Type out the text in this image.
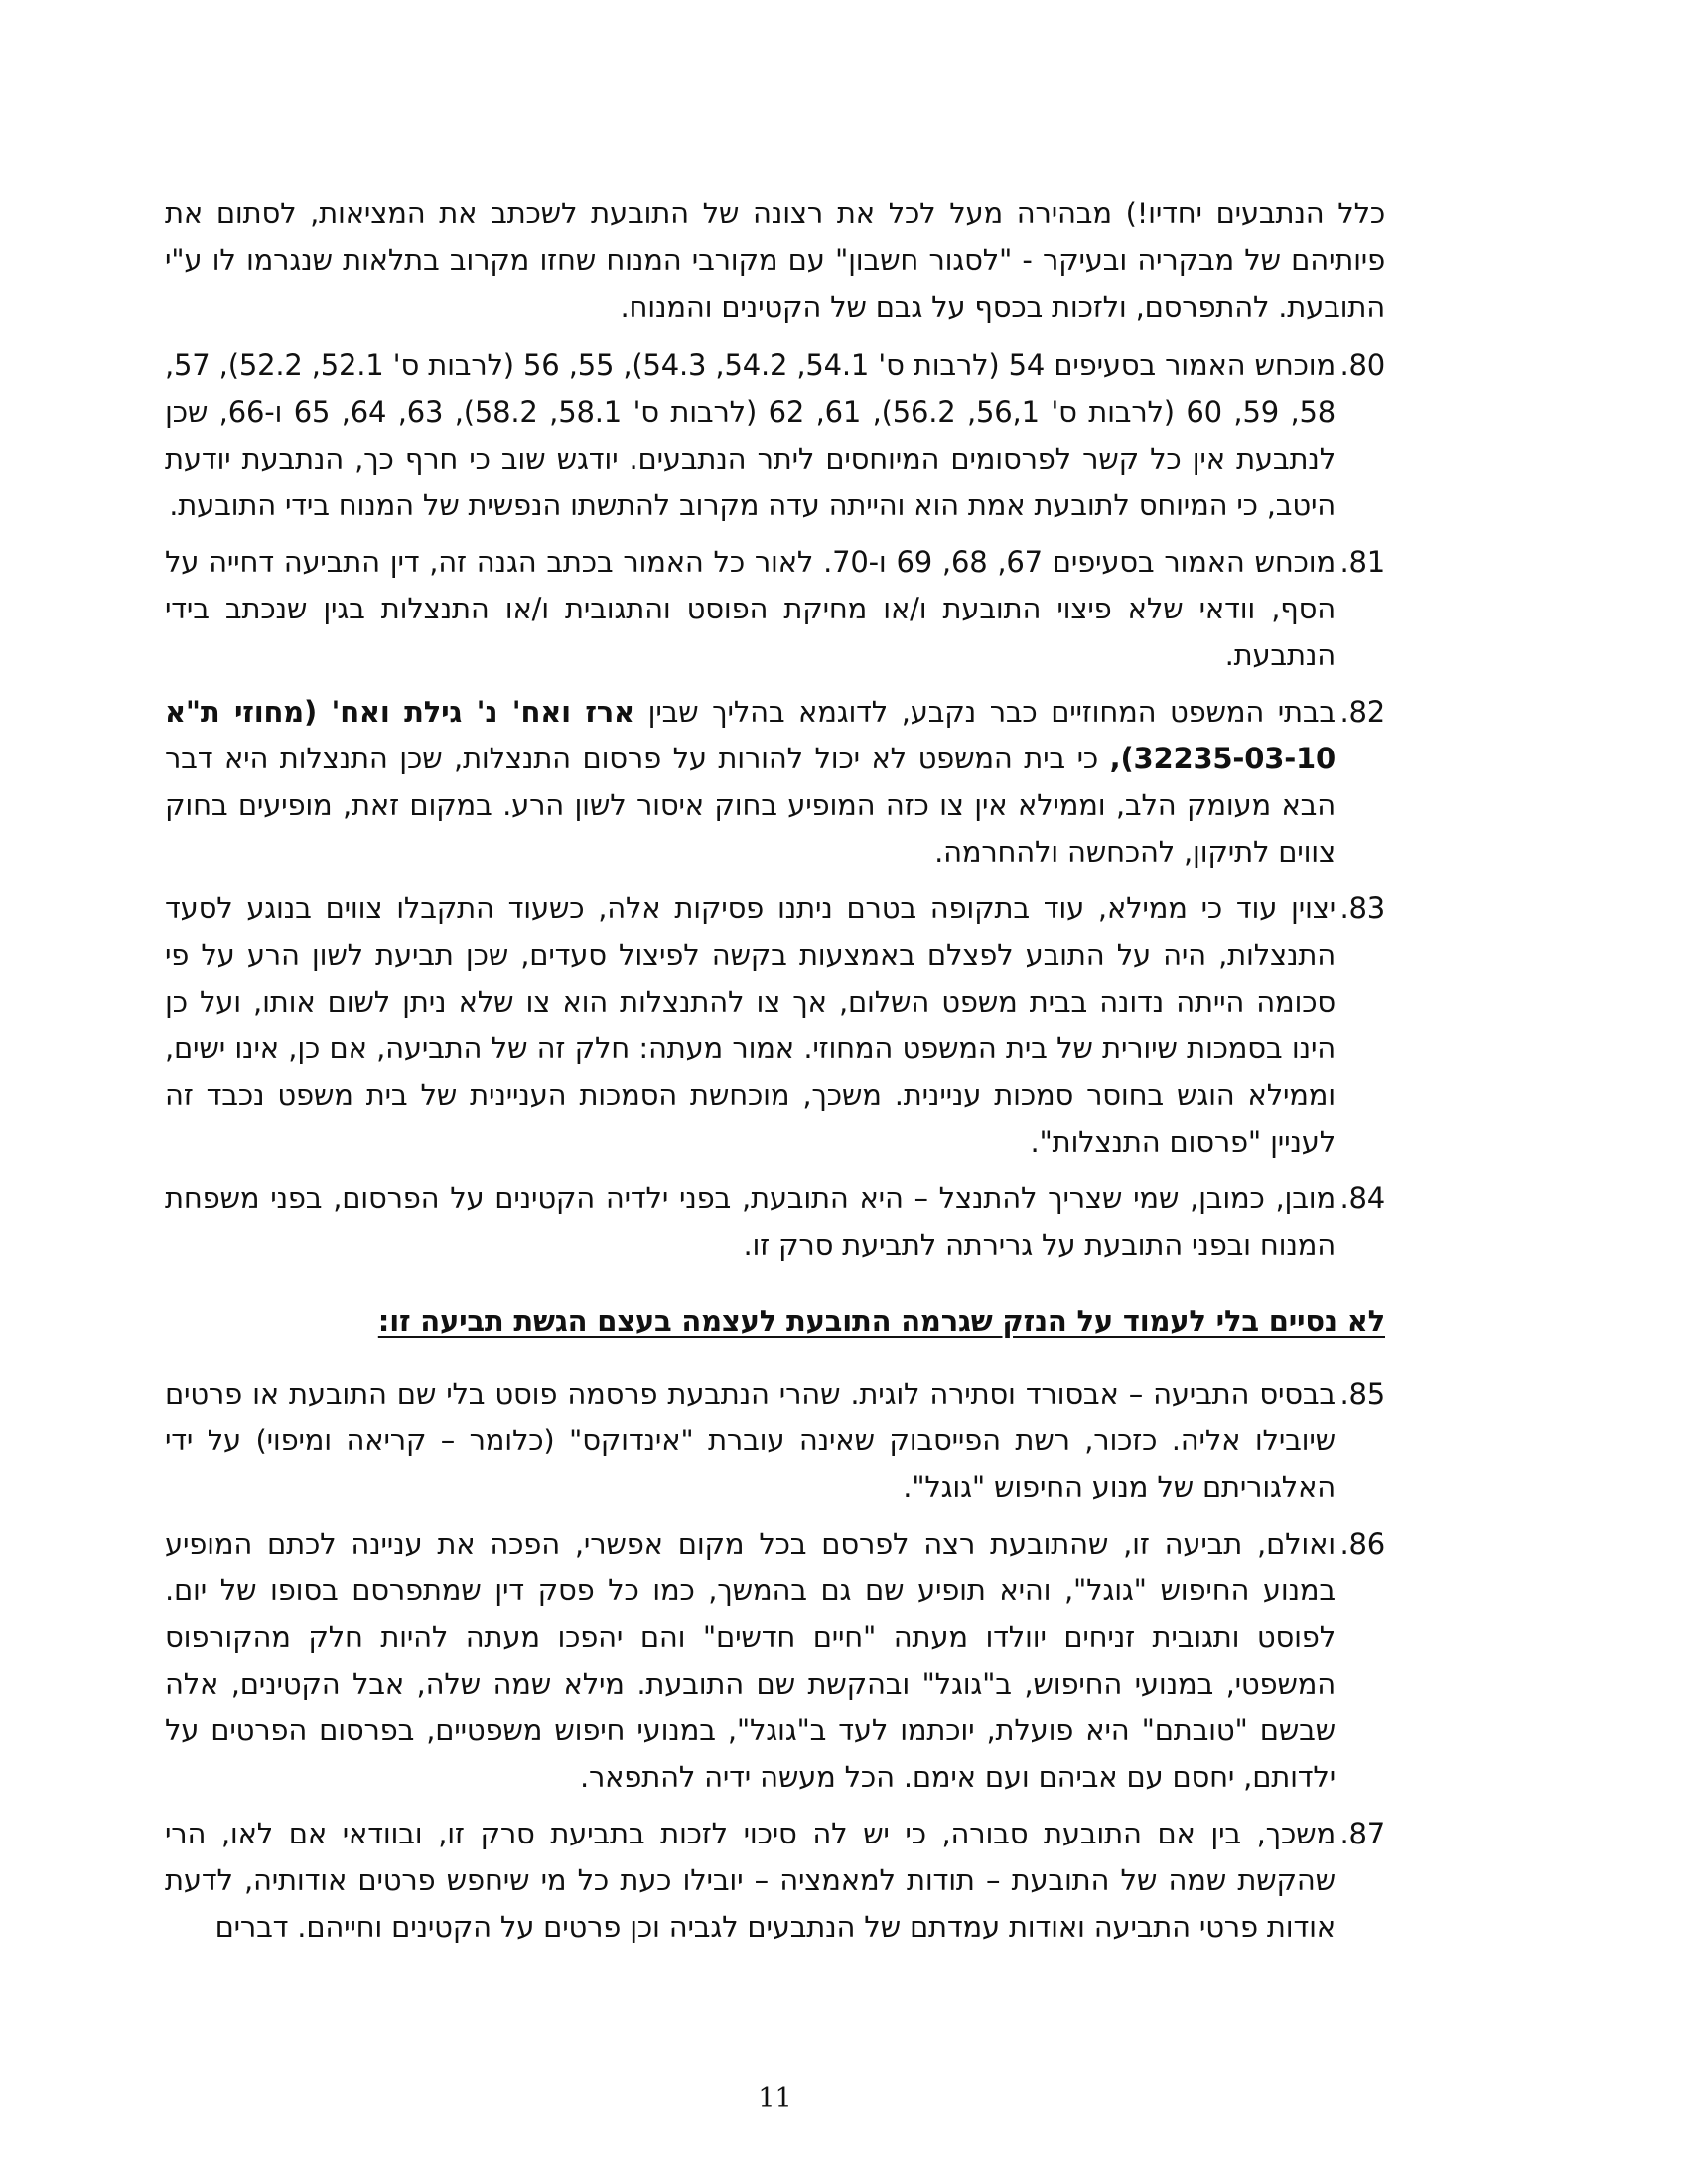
כלל הנתבעים יחדיו!) מבהירה מעל לכל את רצונה של התובעת לשכתב את המציאות, לסתום את פיותיהם של מבקריה ובעיקר - "לסגור חשבון" עם מקורבי המנוח שחזו מקרוב בתלאות שנגרמו לו ע"י התובעת. להתפרסם, ולזכות בכסף על גבם של הקטינים והמנוח.
80.
מוכחש האמור בסעיפים 54 (לרבות ס' 54.1, 54.2, 54.3), 55, 56 (לרבות ס' 52.1, 52.2), 57, 58, 59, 60 (לרבות ס' 56,1, 56.2), 61, 62 (לרבות ס' 58.1, 58.2), 63, 64, 65 ו-66, שכן לנתבעת אין כל קשר לפרסומים המיוחסים ליתר הנתבעים. יודגש שוב כי חרף כך, הנתבעת יודעת היטב, כי המיוחס לתובעת אמת הוא והייתה עדה מקרוב להתשתו הנפשית של המנוח בידי התובעת.
81.
מוכחש האמור בסעיפים 67, 68, 69 ו-70. לאור כל האמור בכתב הגנה זה, דין התביעה דחייה על הסף, וודאי שלא פיצוי התובעת ו/או מחיקת הפוסט והתגובית ו/או התנצלות בגין שנכתב בידי הנתבעת.
82.
בבתי המשפט המחוזיים כבר נקבע, לדוגמא בהליך שבין ארז ואח' נ' גילת ואח' (מחוזי ת"א 32235-03-10), כי בית המשפט לא יכול להורות על פרסום התנצלות, שכן התנצלות היא דבר הבא מעומק הלב, וממילא אין צו כזה המופיע בחוק איסור לשון הרע. במקום זאת, מופיעים בחוק צווים לתיקון, להכחשה ולהחרמה.
83.
יצוין עוד כי ממילא, עוד בתקופה בטרם ניתנו פסיקות אלה, כשעוד התקבלו צווים בנוגע לסעד התנצלות, היה על התובע לפצלם באמצעות בקשה לפיצול סעדים, שכן תביעת לשון הרע על פי סכומה הייתה נדונה בבית משפט השלום, אך צו להתנצלות הוא צו שלא ניתן לשום אותו, ועל כן הינו בסמכות שיורית של בית המשפט המחוזי. אמור מעתה: חלק זה של התביעה, אם כן, אינו ישים, וממילא הוגש בחוסר סמכות עניינית. משכך, מוכחשת הסמכות העניינית של בית משפט נכבד זה לעניין "פרסום התנצלות".
84.
מובן, כמובן, שמי שצריך להתנצל – היא התובעת, בפני ילדיה הקטינים על הפרסום, בפני משפחת המנוח ובפני התובעת על גרירתה לתביעת סרק זו.
לא נסיים בלי לעמוד על הנזק שגרמה התובעת לעצמה בעצם הגשת תביעה זו:
85.
בבסיס התביעה – אבסורד וסתירה לוגית. שהרי הנתבעת פרסמה פוסט בלי שם התובעת או פרטים שיובילו אליה. כזכור, רשת הפייסבוק שאינה עוברת "אינדוקס" (כלומר – קריאה ומיפוי) על ידי האלגוריתם של מנוע החיפוש "גוגל".
86.
ואולם, תביעה זו, שהתובעת רצה לפרסם בכל מקום אפשרי, הפכה את עניינה לכתם המופיע במנוע החיפוש "גוגל", והיא תופיע שם גם בהמשך, כמו כל פסק דין שמתפרסם בסופו של יום. לפוסט ותגובית זניחים יוולדו מעתה "חיים חדשים" והם יהפכו מעתה להיות חלק מהקורפוס המשפטי, במנועי החיפוש, ב"גוגל" ובהקשת שם התובעת. מילא שמה שלה, אבל הקטינים, אלה שבשם "טובתם" היא פועלת, יוכתמו לעד ב"גוגל", במנועי חיפוש משפטיים, בפרסום הפרטים על ילדותם, יחסם עם אביהם ועם אימם. הכל מעשה ידיה להתפאר.
87.
משכך, בין אם התובעת סבורה, כי יש לה סיכוי לזכות בתביעת סרק זו, ובוודאי אם לאו, הרי שהקשת שמה של התובעת – תודות למאמציה – יובילו כעת כל מי שיחפש פרטים אודותיה, לדעת אודות פרטי התביעה ואודות עמדתם של הנתבעים לגביה וכן פרטים על הקטינים וחייהם. דברים
11
